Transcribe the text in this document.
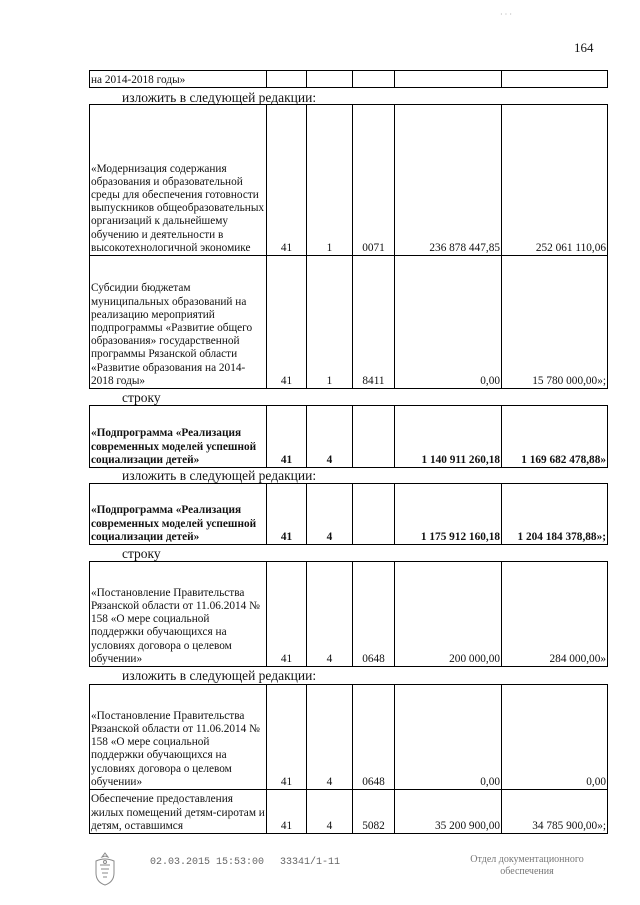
· · ·
164
на 2014-2018 годы»					
изложить в следующей редакции:
«Модернизация содержания образования и образовательной среды для обеспечения готовности выпускников общеобразовательных организаций к дальнейшему обучению и деятельности в высокотехнологичной экономике	41	1	0071	236 878 447,85	252 061 110,06
Субсидии бюджетам муниципальных образований на реализацию мероприятий подпрограммы «Развитие общего образования» государственной программы Рязанской области «Развитие образования на 2014-2018 годы»	41	1	8411	0,00	15 780 000,00»;
строку
«Подпрограмма «Реализация современных моделей успешной социализации детей»	41	4		1 140 911 260,18	1 169 682 478,88»
изложить в следующей редакции:
«Подпрограмма «Реализация современных моделей успешной социализации детей»	41	4		1 175 912 160,18	1 204 184 378,88»;
строку
«Постановление Правительства Рязанской области от 11.06.2014 № 158 «О мере социальной поддержки обучающихся на условиях договора о целевом обучении»	41	4	0648	200 000,00	284 000,00»
изложить в следующей редакции:
«Постановление Правительства Рязанской области от 11.06.2014 № 158 «О мере социальной поддержки обучающихся на условиях договора о целевом обучении»	41	4	0648	0,00	0,00
Обеспечение предоставления жилых помещений детям-сиротам и детям, оставшимся	41	4	5082	35 200 900,00	34 785 900,00»;
02.03.2015 15:53:00 33341/1-11	Отдел документационного
обеспечения
